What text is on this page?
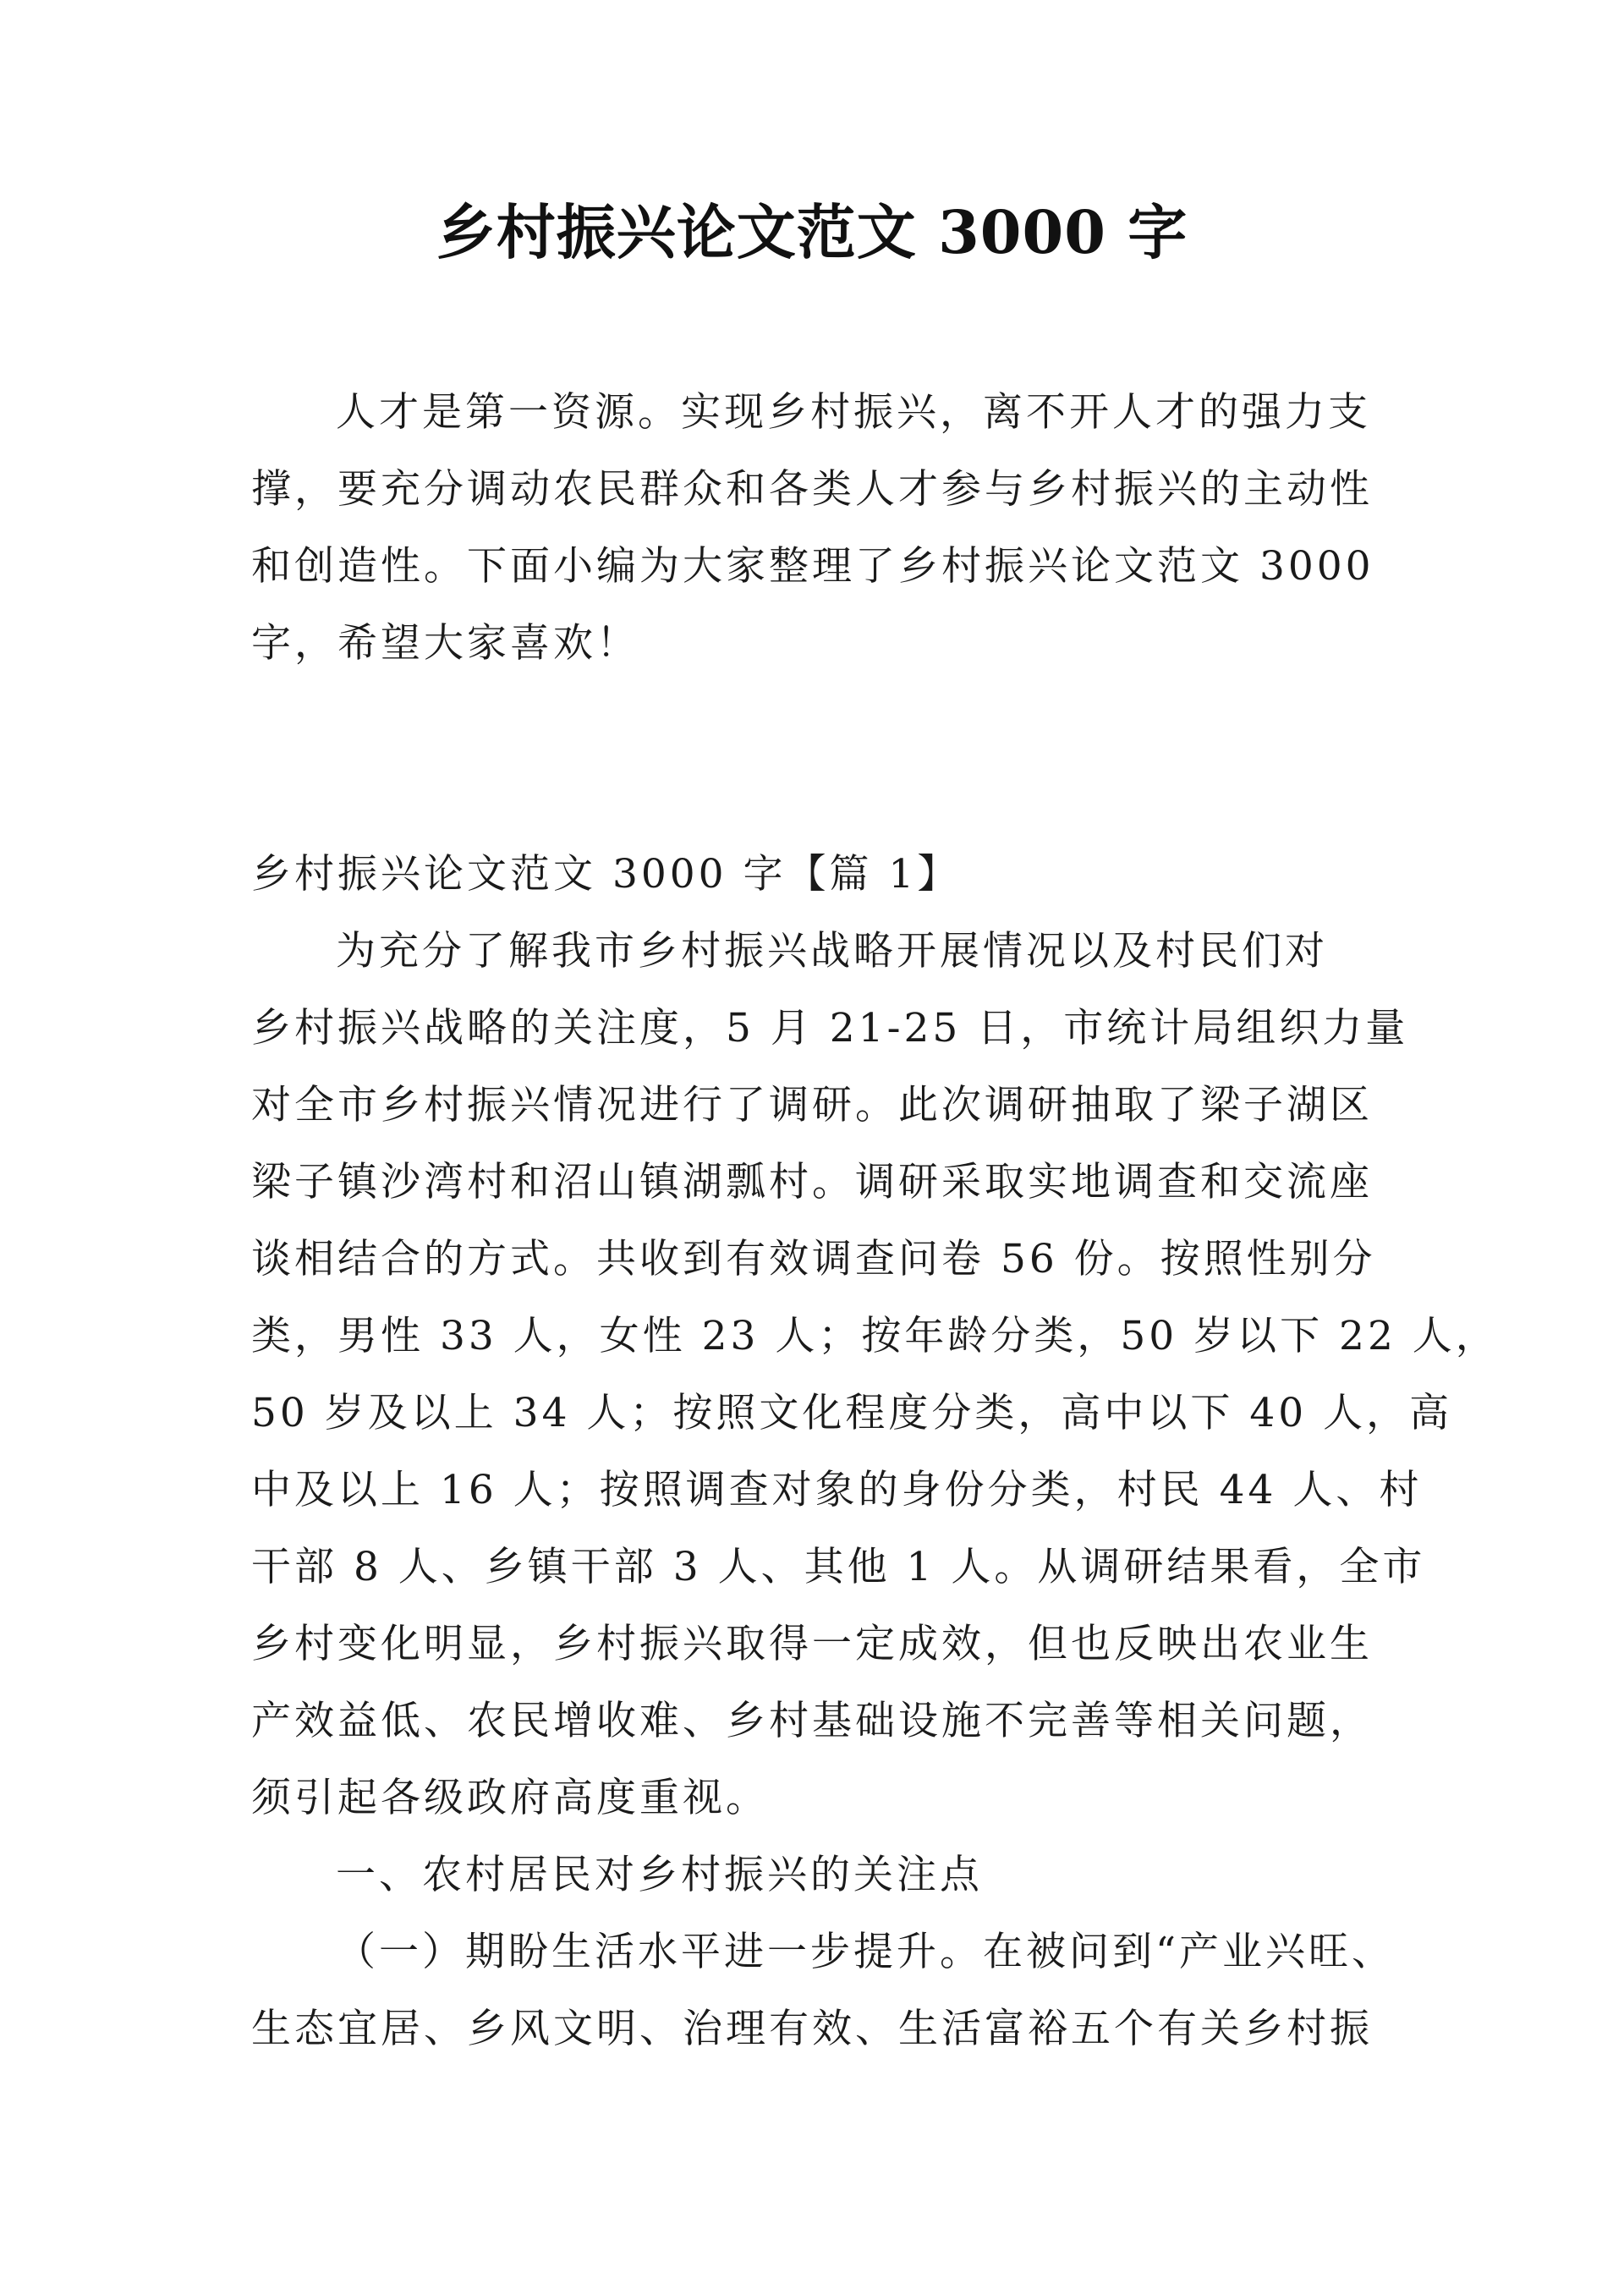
乡村振兴论文范文 3000 字
人才是第一资源。实现乡村振兴，离不开人才的强力支
撑，要充分调动农民群众和各类人才参与乡村振兴的主动性
和创造性。下面小编为大家整理了乡村振兴论文范文 3000
字，希望大家喜欢！
乡村振兴论文范文 3000 字【篇 1】
为充分了解我市乡村振兴战略开展情况以及村民们对
乡村振兴战略的关注度，5 月 21-25 日，市统计局组织力量
对全市乡村振兴情况进行了调研。此次调研抽取了梁子湖区
梁子镇沙湾村和沼山镇湖瓢村。调研采取实地调查和交流座
谈相结合的方式。共收到有效调查问卷 56 份。按照性别分
类，男性 33 人，女性 23 人；按年龄分类，50 岁以下 22 人，
50 岁及以上 34 人；按照文化程度分类，高中以下 40 人，高
中及以上 16 人；按照调查对象的身份分类，村民 44 人、村
干部 8 人、乡镇干部 3 人、其他 1 人。从调研结果看，全市
乡村变化明显，乡村振兴取得一定成效，但也反映出农业生
产效益低、农民增收难、乡村基础设施不完善等相关问题，
须引起各级政府高度重视。
一、农村居民对乡村振兴的关注点
（一）期盼生活水平进一步提升。在被问到“产业兴旺、
生态宜居、乡风文明、治理有效、生活富裕五个有关乡村振
